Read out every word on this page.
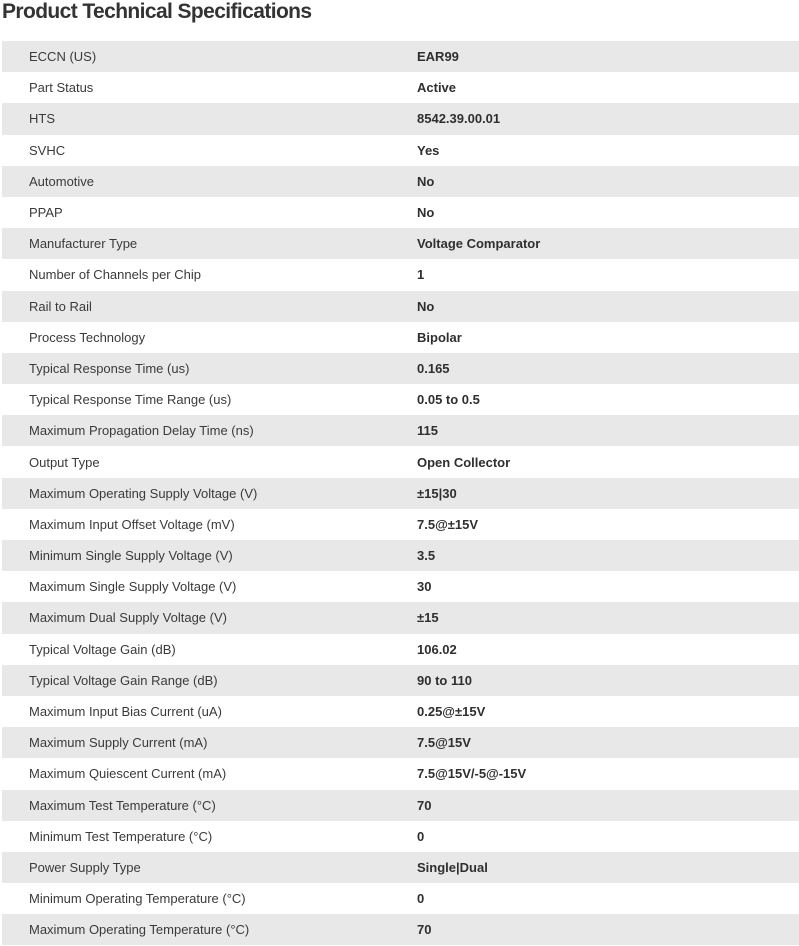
Product Technical Specifications
ECCN (US)	EAR99
Part Status	Active
HTS	8542.39.00.01
SVHC	Yes
Automotive	No
PPAP	No
Manufacturer Type	Voltage Comparator
Number of Channels per Chip	1
Rail to Rail	No
Process Technology	Bipolar
Typical Response Time (us)	0.165
Typical Response Time Range (us)	0.05 to 0.5
Maximum Propagation Delay Time (ns)	115
Output Type	Open Collector
Maximum Operating Supply Voltage (V)	±15|30
Maximum Input Offset Voltage (mV)	7.5@±15V
Minimum Single Supply Voltage (V)	3.5
Maximum Single Supply Voltage (V)	30
Maximum Dual Supply Voltage (V)	±15
Typical Voltage Gain (dB)	106.02
Typical Voltage Gain Range (dB)	90 to 110
Maximum Input Bias Current (uA)	0.25@±15V
Maximum Supply Current (mA)	7.5@15V
Maximum Quiescent Current (mA)	7.5@15V/-5@-15V
Maximum Test Temperature (°C)	70
Minimum Test Temperature (°C)	0
Power Supply Type	Single|Dual
Minimum Operating Temperature (°C)	0
Maximum Operating Temperature (°C)	70
